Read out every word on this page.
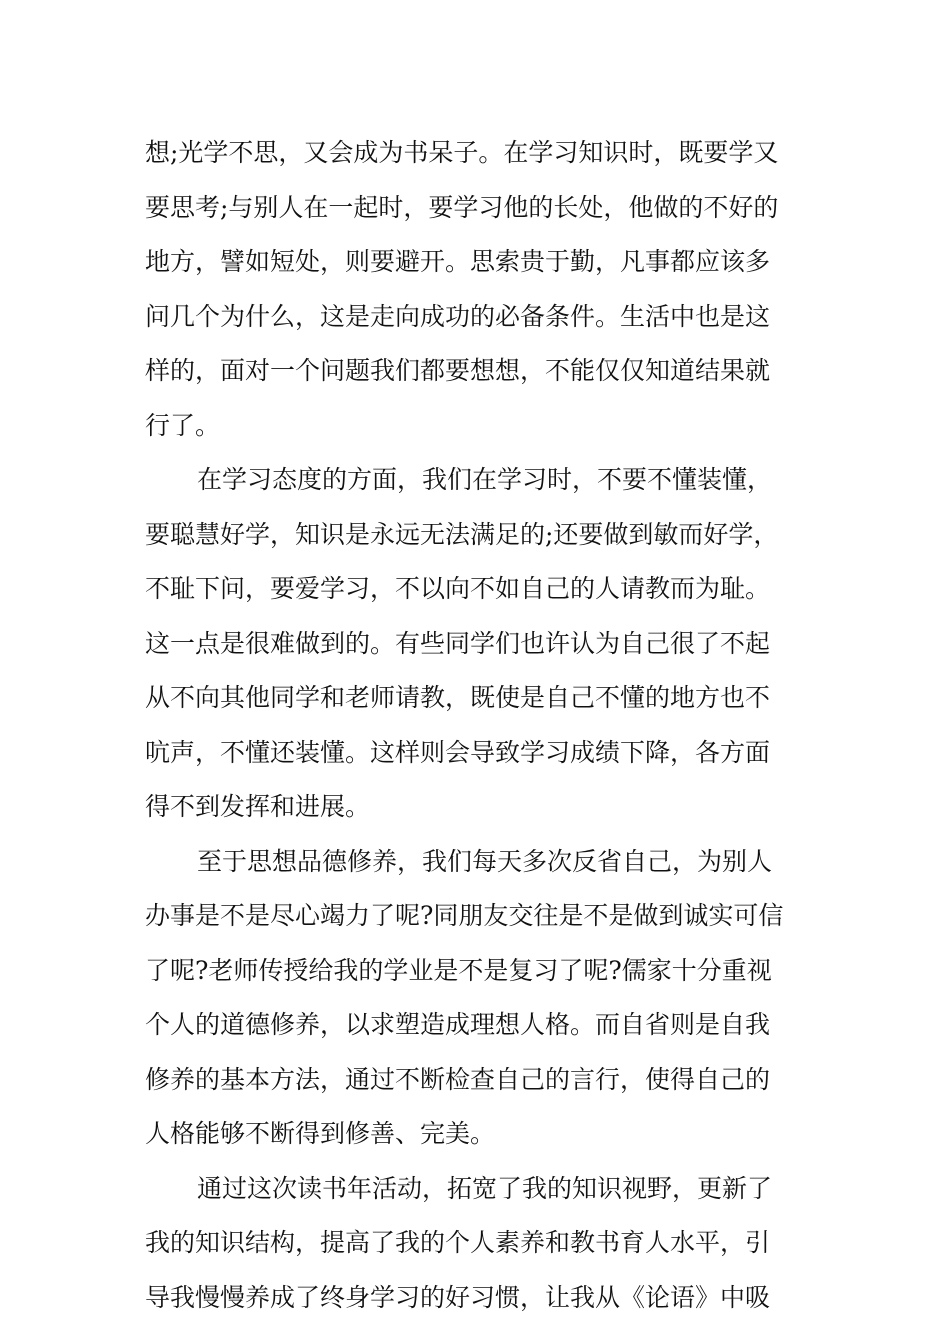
想;光学不思，又会成为书呆子。在学习知识时，既要学又
要思考;与别人在一起时，要学习他的长处，他做的不好的
地方，譬如短处，则要避开。思索贵于勤，凡事都应该多
问几个为什么，这是走向成功的必备条件。生活中也是这
样的，面对一个问题我们都要想想，不能仅仅知道结果就
行了。
在学习态度的方面，我们在学习时，不要不懂装懂，
要聪慧好学，知识是永远无法满足的;还要做到敏而好学，
不耻下问，要爱学习，不以向不如自己的人请教而为耻。
这一点是很难做到的。有些同学们也许认为自己很了不起
从不向其他同学和老师请教，既使是自己不懂的地方也不
吭声，不懂还装懂。这样则会导致学习成绩下降，各方面
得不到发挥和进展。
至于思想品德修养，我们每天多次反省自己，为别人
办事是不是尽心竭力了呢?同朋友交往是不是做到诚实可信
了呢?老师传授给我的学业是不是复习了呢?儒家十分重视
个人的道德修养，以求塑造成理想人格。而自省则是自我
修养的基本方法，通过不断检查自己的言行，使得自己的
人格能够不断得到修善、完美。
通过这次读书年活动，拓宽了我的知识视野，更新了
我的知识结构，提高了我的个人素养和教书育人水平，引
导我慢慢养成了终身学习的好习惯，让我从《论语》中吸
